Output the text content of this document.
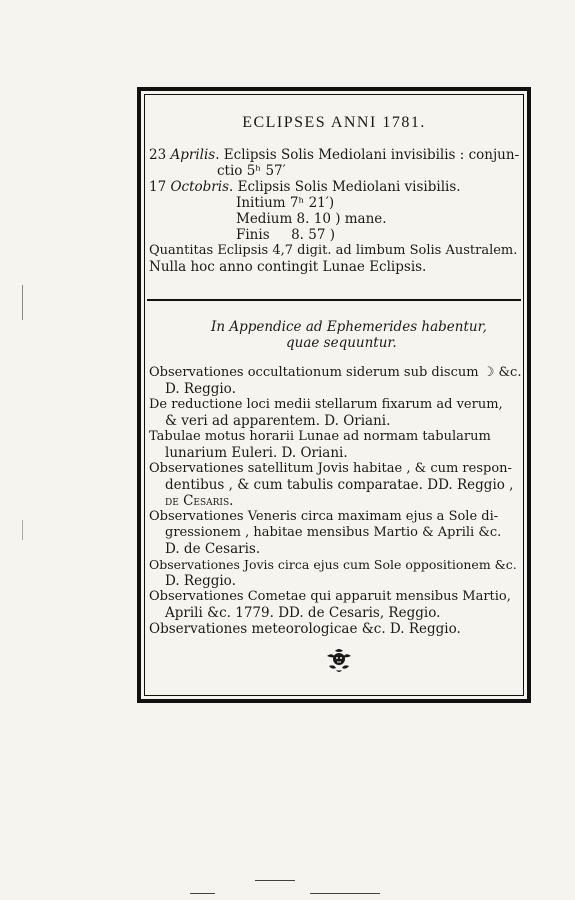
ECLIPSES ANNI 1781.
23 Aprilis. Eclipsis Solis Mediolani invisibilis : conjun-
ctio 5ʰ 57′
17 Octobris. Eclipsis Solis Mediolani visibilis.
Initium 7ʰ 21′)
Medium 8. 10 ) mane.
Finis     8. 57 )
Quantitas Eclipsis 4,7 digit. ad limbum Solis Australem.
Nulla hoc anno contingit Lunae Eclipsis.
In Appendice ad Ephemerides habentur,
quae sequuntur.
Observationes occultationum siderum sub discum ☽ &c.
D. Reggio.
De reductione loci medii stellarum fixarum ad verum,
& veri ad apparentem. D. Oriani.
Tabulae motus horarii Lunae ad normam tabularum
lunarium Euleri. D. Oriani.
Observationes satellitum Jovis habitae , & cum respon-
dentibus , & cum tabulis comparatae. DD. Reggio ,
de Cesaris.
Observationes Veneris circa maximam ejus a Sole di-
gressionem , habitae mensibus Martio & Aprili &c.
D. de Cesaris.
Observationes Jovis circa ejus cum Sole oppositionem &c.
D. Reggio.
Observationes Cometae qui apparuit mensibus Martio,
Aprili &c. 1779. DD. de Cesaris, Reggio.
Observationes meteorologicae &c. D. Reggio.
